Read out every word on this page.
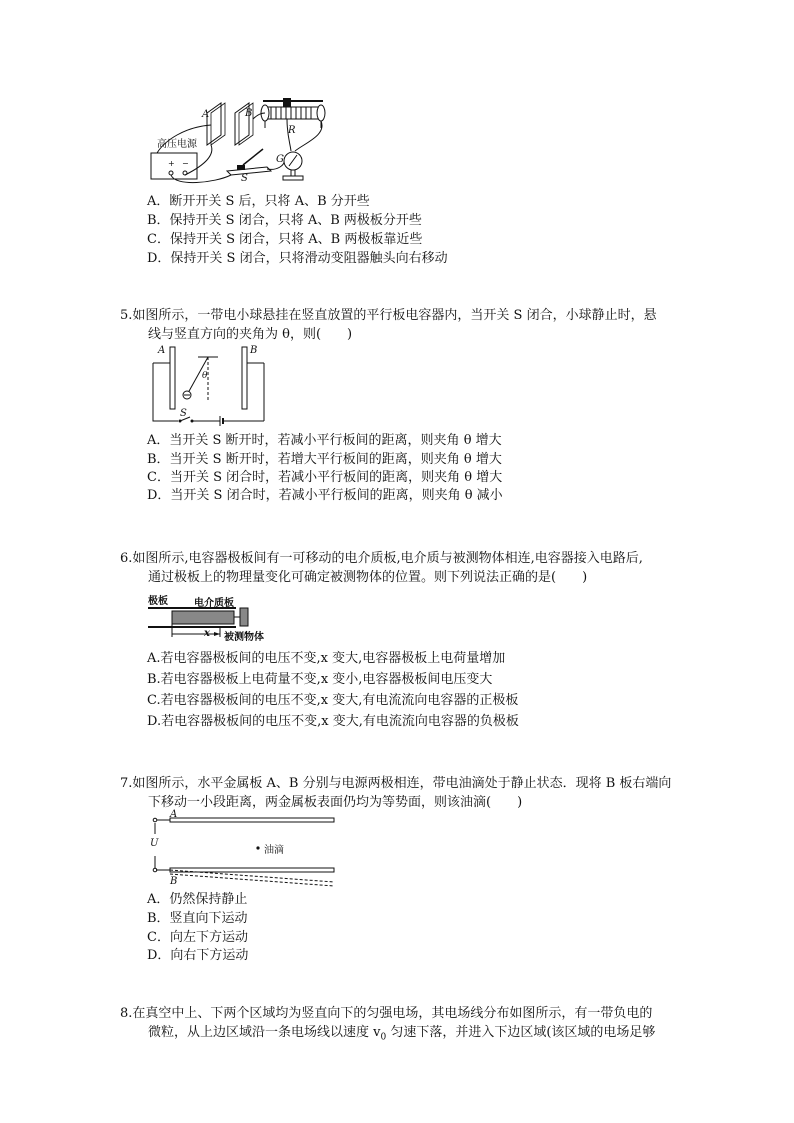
A	B
R
G
S
高压电源
+ −
A．断开开关 S 后，只将 A、B 分开些
B．保持开关 S 闭合，只将 A、B 两极板分开些
C．保持开关 S 闭合，只将 A、B 两极板靠近些
D．保持开关 S 闭合，只将滑动变阻器触头向右移动
5.如图所示，一带电小球悬挂在竖直放置的平行板电容器内，当开关 S 闭合，小球静止时，悬
线与竖直方向的夹角为 θ，则(　　)
A	B
θ
S
A．当开关 S 断开时，若减小平行板间的距离，则夹角 θ 增大
B．当开关 S 断开时，若增大平行板间的距离，则夹角 θ 增大
C．当开关 S 闭合时，若减小平行板间的距离，则夹角 θ 增大
D．当开关 S 闭合时，若减小平行板间的距离，则夹角 θ 减小
6.如图所示,电容器极板间有一可移动的电介质板,电介质与被测物体相连,电容器接入电路后,
通过极板上的物理量变化可确定被测物体的位置。则下列说法正确的是(　　)
极板	电介质板
x 被测物体
A.若电容器极板间的电压不变,x 变大,电容器极板上电荷量增加
B.若电容器极板上电荷量不变,x 变小,电容器极板间电压变大
C.若电容器极板间的电压不变,x 变大,有电流流向电容器的正极板
D.若电容器极板间的电压不变,x 变大,有电流流向电容器的负极板
7.如图所示，水平金属板 A、B 分别与电源两极相连，带电油滴处于静止状态．现将 B 板右端向
下移动一小段距离，两金属板表面仍均为等势面，则该油滴(　　)
A
U
B
油滴
A．仍然保持静止
B．竖直向下运动
C．向左下方运动
D．向右下方运动
8.在真空中上、下两个区域均为竖直向下的匀强电场，其电场线分布如图所示，有一带负电的
微粒，从上边区域沿一条电场线以速度 $v_0$ 匀速下落，并进入下边区域(该区域的电场足够
